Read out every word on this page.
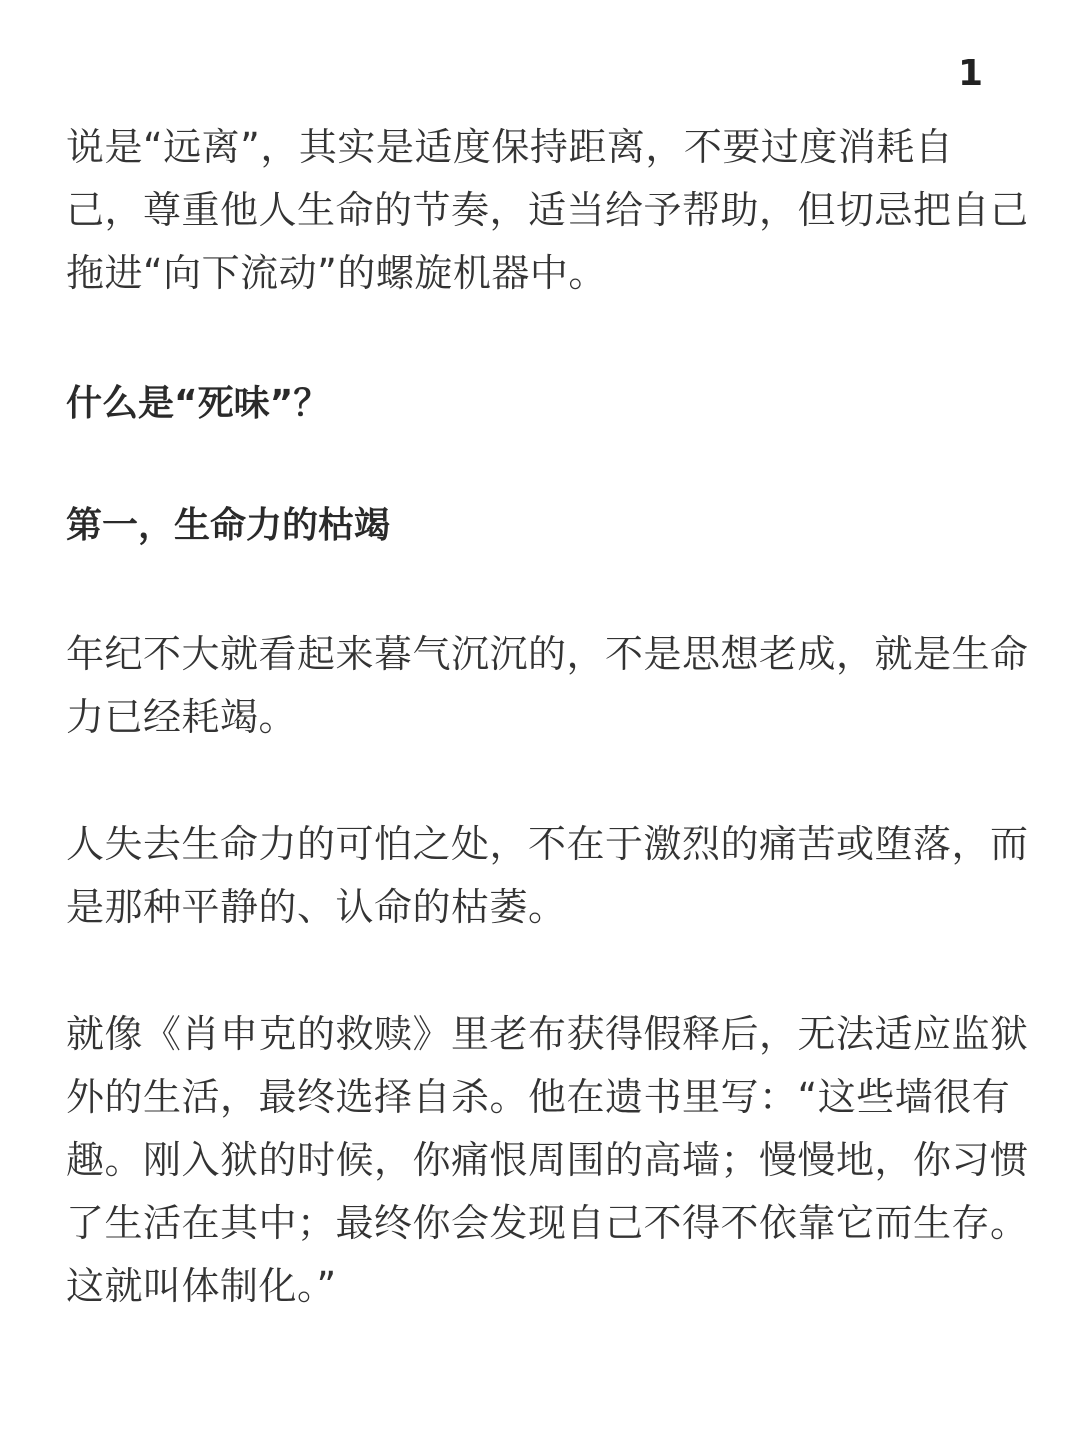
1

说是“远离”，其实是适度保持距离，不要过度消耗自
己，尊重他人生命的节奏，适当给予帮助，但切忌把自己
拖进“向下流动”的螺旋机器中。

什么是“死味”？
第一，生命力的枯竭

年纪不大就看起来暮气沉沉的，不是思想老成，就是生命
力已经耗竭。

人失去生命力的可怕之处，不在于激烈的痛苦或堕落，而
是那种平静的、认命的枯萎。

就像《肖申克的救赎》里老布获得假释后，无法适应监狱
外的生活，最终选择自杀。他在遗书里写：“这些墙很有
趣。刚入狱的时候，你痛恨周围的高墙；慢慢地，你习惯
了生活在其中；最终你会发现自己不得不依靠它而生存。
这就叫体制化。”
